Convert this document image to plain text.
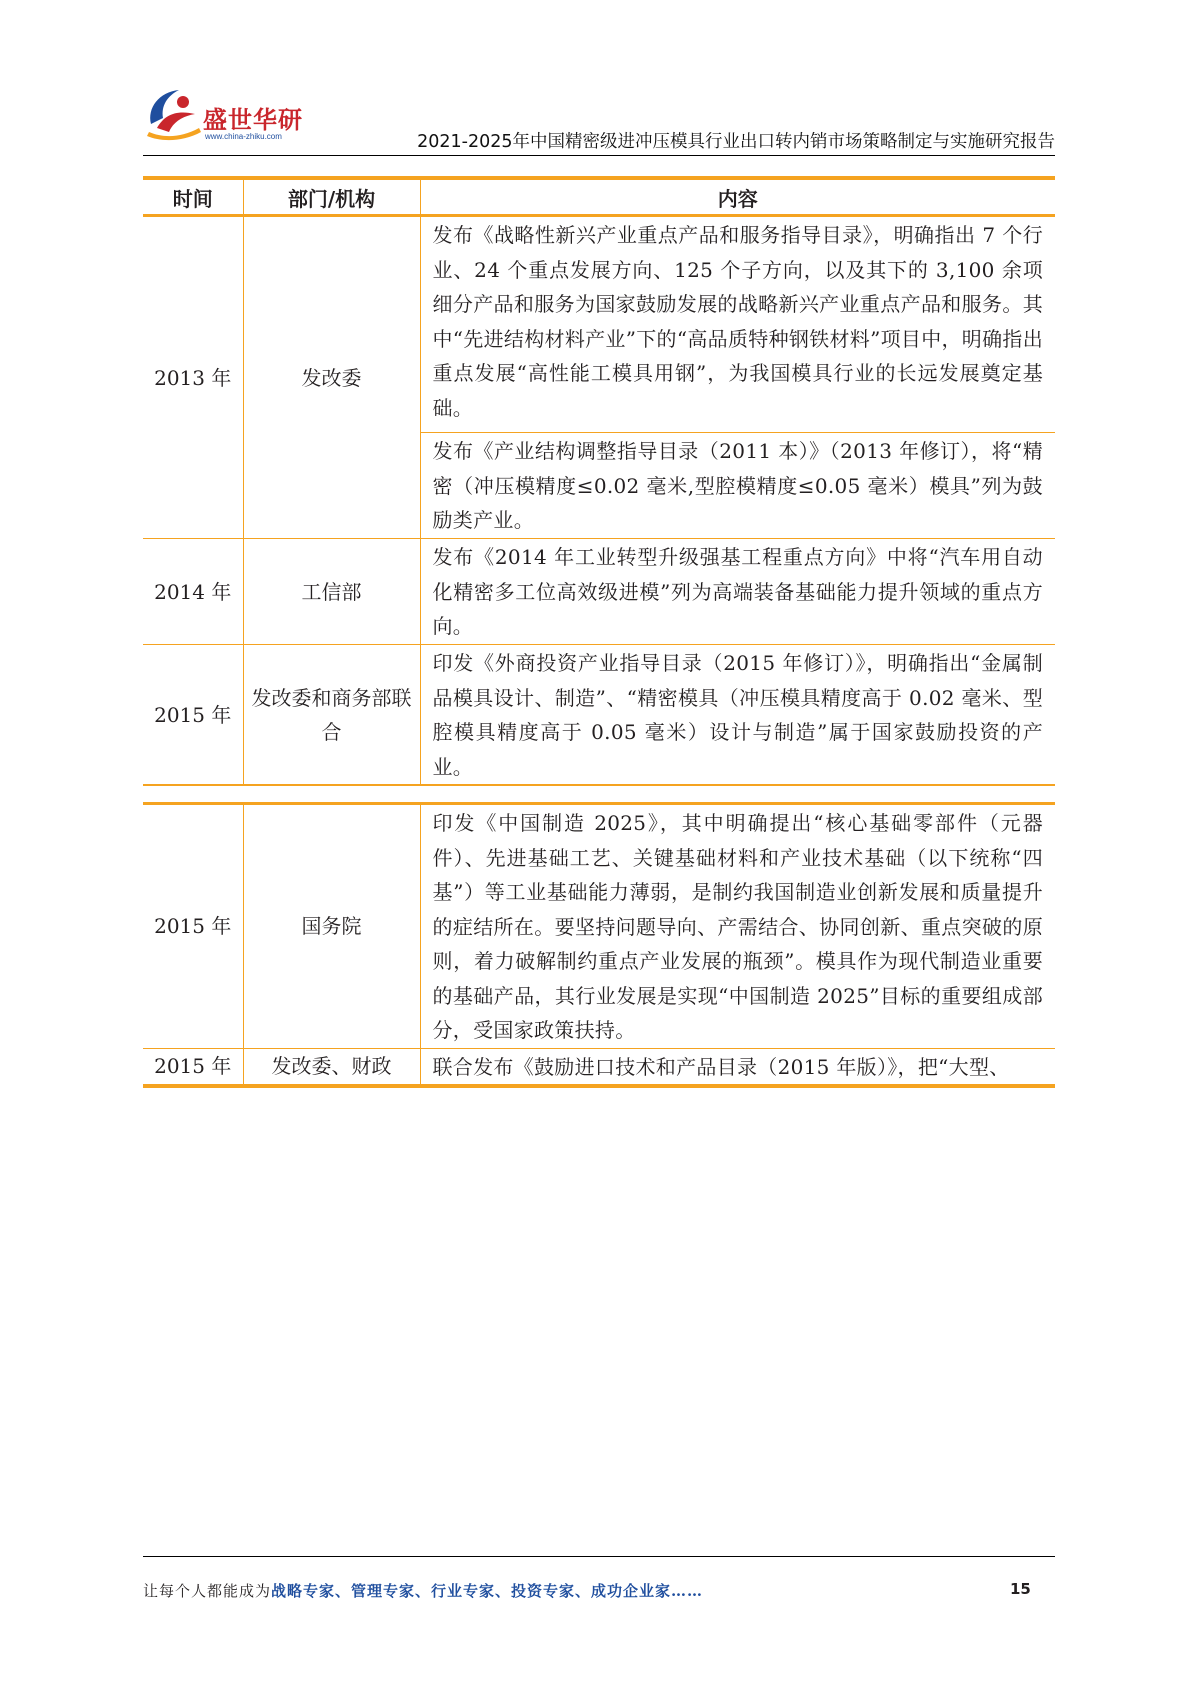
盛世华研
www.china-zhiku.com	2021-2025年中国精密级进冲压模具行业出口转内销市场策略制定与实施研究报告
时间	部门/机构	内容
2013 年	发改委	发布《战略性新兴产业重点产品和服务指导目录》，明确指出 7 个行业、24 个重点发展方向、125 个子方向，以及其下的 3,100 余项细分产品和服务为国家鼓励发展的战略新兴产业重点产品和服务。其中“先进结构材料产业”下的“高品质特种钢铁材料”项目中，明确指出重点发展“高性能工模具用钢”，为我国模具行业的长远发展奠定基础。
		发布《产业结构调整指导目录（2011 本）》（2013 年修订），将“精密（冲压模精度≤0.02 毫米,型腔模精度≤0.05 毫米）模具”列为鼓励类产业。
2014 年	工信部	发布《2014 年工业转型升级强基工程重点方向》中将“汽车用自动化精密多工位高效级进模”列为高端装备基础能力提升领域的重点方向。
2015 年	发改委和商务部联合	印发《外商投资产业指导目录（2015 年修订）》，明确指出“金属制品模具设计、制造”、“精密模具（冲压模具精度高于 0.02 毫米、型腔模具精度高于 0.05 毫米）设计与制造”属于国家鼓励投资的产业。
2015 年	国务院	印发《中国制造 2025》，其中明确提出“核心基础零部件（元器件）、先进基础工艺、关键基础材料和产业技术基础（以下统称“四基”）等工业基础能力薄弱，是制约我国制造业创新发展和质量提升的症结所在。要坚持问题导向、产需结合、协同创新、重点突破的原则，着力破解制约重点产业发展的瓶颈”。模具作为现代制造业重要的基础产品，其行业发展是实现“中国制造 2025”目标的重要组成部分，受国家政策扶持。
2015 年	发改委、财政	联合发布《鼓励进口技术和产品目录（2015 年版）》，把“大型、
让每个人都能成为战略专家、管理专家、行业专家、投资专家、成功企业家……	15
